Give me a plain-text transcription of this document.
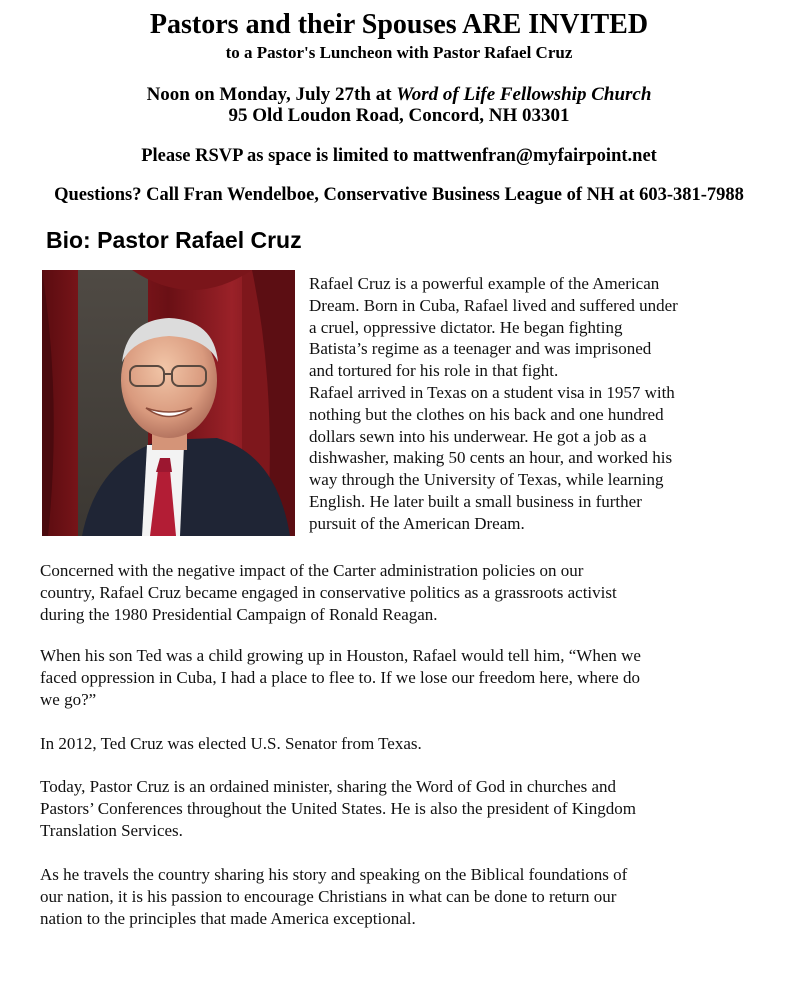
Pastors and their Spouses ARE INVITED
to a Pastor's Luncheon with Pastor Rafael Cruz
Noon on Monday, July 27th at Word of Life Fellowship Church
95 Old Loudon Road, Concord, NH 03301
Please RSVP as space is limited to mattwenfran@myfairpoint.net
Questions? Call Fran Wendelboe, Conservative Business League of NH at 603-381-7988
Bio: Pastor Rafael Cruz
Rafael Cruz is a powerful example of the American
Dream. Born in Cuba, Rafael lived and suffered under
a cruel, oppressive dictator. He began fighting
Batista’s regime as a teenager and was imprisoned
and tortured for his role in that fight.
Rafael arrived in Texas on a student visa in 1957 with
nothing but the clothes on his back and one hundred
dollars sewn into his underwear. He got a job as a
dishwasher, making 50 cents an hour, and worked his
way through the University of Texas, while learning
English. He later built a small business in further
pursuit of the American Dream.
Concerned with the negative impact of the Carter administration policies on our
country, Rafael Cruz became engaged in conservative politics as a grassroots activist
during the 1980 Presidential Campaign of Ronald Reagan.
When his son Ted was a child growing up in Houston, Rafael would tell him, “When we
faced oppression in Cuba, I had a place to flee to. If we lose our freedom here, where do
we go?”
In 2012, Ted Cruz was elected U.S. Senator from Texas.
Today, Pastor Cruz is an ordained minister, sharing the Word of God in churches and
Pastors’ Conferences throughout the United States. He is also the president of Kingdom
Translation Services.
As he travels the country sharing his story and speaking on the Biblical foundations of
our nation, it is his passion to encourage Christians in what can be done to return our
nation to the principles that made America exceptional.
